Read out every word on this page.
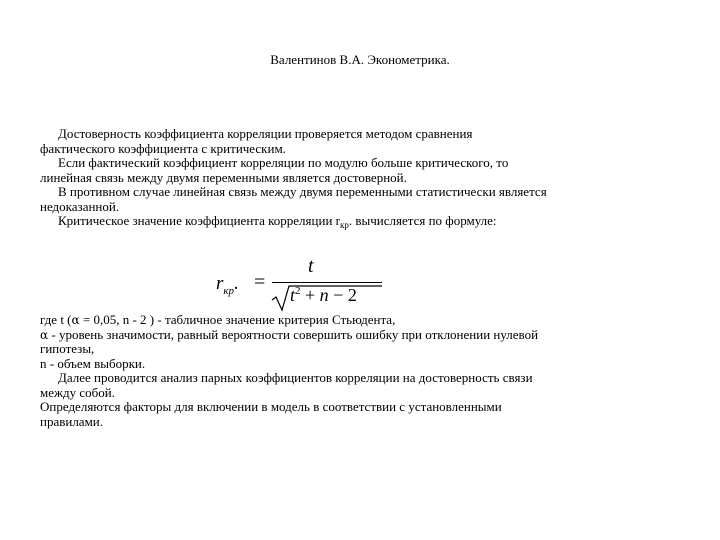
Валентинов В.А. Эконометрика.
Достоверность коэффициента корреляции проверяется методом сравнения
фактического коэффициента с критическим.
Если фактический коэффициент корреляции по модулю больше критического, то
линейная связь между двумя переменными является достоверной.
В противном случае линейная связь между двумя переменными статистически является
недоказанной.
Критическое значение коэффициента корреляции $r_{кр}$. вычисляется по формуле:
$r_{кр}$. =
t
$t^2 + n - 2$
где t (α = 0,05, n - 2 ) - табличное значение критерия Стьюдента,
α - уровень значимости, равный вероятности совершить ошибку при отклонении нулевой
гипотезы,
n - объем выборки.
Далее проводится анализ парных коэффициентов корреляции на достоверность связи
между собой.
Определяются факторы для включении в модель в соответствии с установленными
правилами.
